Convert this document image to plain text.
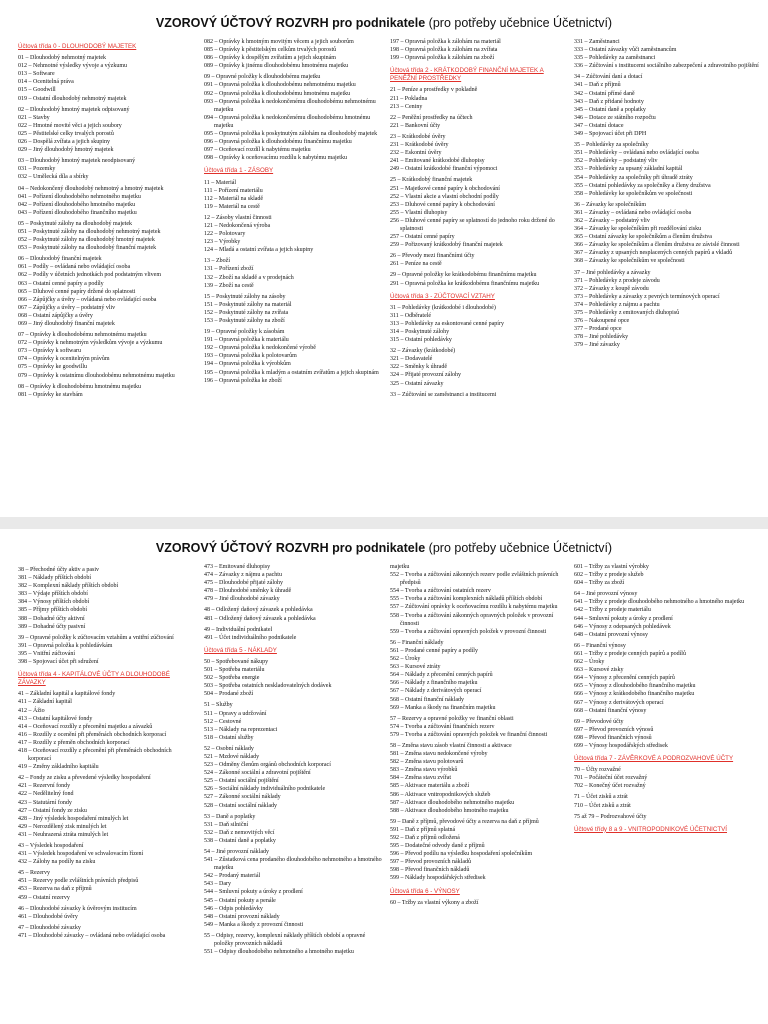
VZOROVÝ ÚČTOVÝ ROZVRH pro podnikatele (pro potřeby učebnice Účetnictví)
Účtová třída 0 - DLOUHODOBÝ MAJETEK
01 – Dlouhodobý nehmotný majetek
012 – Nehmotné výsledky vývoje a výzkumu
013 – Software
014 – Ocenitelná práva
015 – Goodwill
019 – Ostatní dlouhodobý nehmotný majetek
02 – Dlouhodobý hmotný majetek odpisovaný
021 – Stavby
022 – Hmotné movité věci a jejich soubory
025 – Pěstitelské celky trvalých porostů
026 – Dospělá zvířata a jejich skupiny
029 – Jiný dlouhodobý hmotný majetek
03 – Dlouhodobý hmotný majetek neodpisovaný
031 – Pozemky
032 – Umělecká díla a sbírky
04 – Nedokončený dlouhodobý nehmotný a hmotný majetek
041 – Pořízení dlouhodobého nehmotného majetku
042 – Pořízení dlouhodobého hmotného majetku
043 – Pořízení dlouhodobého finančního majetku
05 – Poskytnuté zálohy na dlouhodobý majetek
051 – Poskytnuté zálohy na dlouhodobý nehmotný majetek
052 – Poskytnuté zálohy na dlouhodobý hmotný majetek
053 – Poskytnuté zálohy na dlouhodobý finanční majetek
06 – Dlouhodobý finanční majetek
061 – Podíly – ovládaná nebo ovládající osoba
062 – Podíly v účetních jednotkách pod podstatným vlivem
063 – Ostatní cenné papíry a podíly
065 – Dluhové cenné papíry držené do splatnosti
066 – Zápůjčky a úvěry – ovládaná nebo ovládající osoba
067 – Zápůjčky a úvěry – podstatný vliv
068 – Ostatní zápůjčky a úvěry
069 – Jiný dlouhodobý finanční majetek
07 – Oprávky k dlouhodobému nehmotnému majetku
072 – Oprávky k nehmotným výsledkům vývoje a výzkumu
073 – Oprávky k softwaru
074 – Oprávky k ocenitelným právům
075 – Oprávky ke goodwillu
079 – Oprávky k ostatnímu dlouhodobému nehmotnému majetku
08 – Oprávky k dlouhodobému hmotnému majetku
081 – Oprávky ke stavbám
082 – Oprávky k hmotným movitým věcem a jejich souborům
085 – Oprávky k pěstitelským celkům trvalých porostů
086 – Oprávky k dospělým zvířatům a jejich skupinám
089 – Oprávky k jinému dlouhodobému hmotnému majetku
09 – Opravné položky k dlouhodobému majetku
091 – Opravná položka k dlouhodobému nehmotnému majetku
092 – Opravná položka k dlouhodobému hmotnému majetku
093 – Opravná položka k nedokončenému dlouhodobému nehmotnému majetku
094 – Opravná položka k nedokončenému dlouhodobému hmotnému majetku
095 – Opravná položka k poskytnutým zálohám na dlouhodobý majetek
096 – Opravná položka k dlouhodobému finančnímu majetku
097 – Oceňovací rozdíl k nabytému majetku
098 – Oprávky k oceňovacímu rozdílu k nabytému majetku
Účtová třída 1 - ZÁSOBY
11 – Materiál
111 – Pořízení materiálu
112 – Materiál na skladě
119 – Materiál na cestě
12 – Zásoby vlastní činnosti
121 – Nedokončená výroba
122 – Polotovary
123 – Výrobky
124 – Mladá a ostatní zvířata a jejich skupiny
13 – Zboží
131 – Pořízení zboží
132 – Zboží na skladě a v prodejnách
139 – Zboží na cestě
15 – Poskytnuté zálohy na zásoby
151 – Poskytnuté zálohy na materiál
152 – Poskytnuté zálohy na zvířata
153 – Poskytnuté zálohy na zboží
19 – Opravné položky k zásobám
191 – Opravná položka k materiálu
192 – Opravná položka k nedokončené výrobě
193 – Opravná položka k polotovarům
194 – Opravná položka k výrobkům
195 – Opravná položka k mladým a ostatním zvířatům a jejich skupinám
196 – Opravná položka ke zboží
197 – Opravná položka k zálohám na materiál
198 – Opravná položka k zálohám na zvířata
199 – Opravná položka k zálohám na zboží
Účtová třída 2 - KRÁTKODOBÝ FINANČNÍ MAJETEK A PENĚŽNÍ PROSTŘEDKY
21 – Peníze a prostředky v pokladně
211 – Pokladna
213 – Ceniny
22 – Peněžní prostředky na účtech
221 – Bankovní účty
23 – Krátkodobé úvěry
231 – Krátkodobé úvěry
232 – Eskontní úvěry
241 – Emitované krátkodobé dluhopisy
249 – Ostatní krátkodobé finanční výpomoci
25 – Krátkodobý finanční majetek
251 – Majetkové cenné papíry k obchodování
252 – Vlastní akcie a vlastní obchodní podíly
253 – Dluhové cenné papíry k obchodování
255 – Vlastní dluhopisy
256 – Dluhové cenné papíry se splatností do jednoho roku držené do splatnosti
257 – Ostatní cenné papíry
259 – Pořizovaný krátkodobý finanční majetek
26 – Převody mezi finančními účty
261 – Peníze na cestě
29 – Opravné položky ke krátkodobému finančnímu majetku
291 – Opravná položka ke krátkodobému finančnímu majetku
Účtová třída 3 - ZÚČTOVACÍ VZTAHY
31 – Pohledávky (krátkodobé i dlouhodobé)
311 – Odběratelé
313 – Pohledávky za eskontované cenné papíry
314 – Poskytnuté zálohy
315 – Ostatní pohledávky
32 – Závazky (krátkodobé)
321 – Dodavatelé
322 – Směnky k úhradě
324 – Přijaté provozní zálohy
325 – Ostatní závazky
33 – Zúčtování se zaměstnanci a institucemi
331 – Zaměstnanci
333 – Ostatní závazky vůči zaměstnancům
335 – Pohledávky za zaměstnanci
336 – Zúčtování s institucemi sociálního zabezpečení a zdravotního pojištění
34 – Zúčtování daní a dotací
341 – Daň z příjmů
342 – Ostatní přímé daně
343 – Daň z přidané hodnoty
345 – Ostatní daně a poplatky
346 – Dotace ze státního rozpočtu
347 – Ostatní dotace
349 – Spojovací účet při DPH
35 – Pohledávky za společníky
351 – Pohledávky – ovládaná nebo ovládající osoba
352 – Pohledávky – podstatný vliv
353 – Pohledávky za upsaný základní kapitál
354 – Pohledávky za společníky při úhradě ztráty
355 – Ostatní pohledávky za společníky a členy družstva
358 – Pohledávky ke společníkům ve společnosti
36 – Závazky ke společníkům
361 – Závazky – ovládaná nebo ovládající osoba
362 – Závazky – podstatný vliv
364 – Závazky ke společníkům při rozdělování zisku
365 – Ostatní závazky ke společníkům a členům družstva
366 – Závazky ke společníkům a členům družstva ze závislé činnosti
367 – Závazky z upsaných nesplacených cenných papírů a vkladů
368 – Závazky ke společníkům ve společnosti
37 – Jiné pohledávky a závazky
371 – Pohledávky z prodeje závodu
372 – Závazky z koupě závodu
373 – Pohledávky a závazky z pevných termínových operací
374 – Pohledávky z nájmu a pachtu
375 – Pohledávky z emitovaných dluhopisů
376 – Nakoupené opce
377 – Prodané opce
378 – Jiné pohledávky
379 – Jiné závazky
VZOROVÝ ÚČTOVÝ ROZVRH pro podnikatele (pro potřeby učebnice Účetnictví)
38 – Přechodné účty aktiv a pasiv
381 – Náklady příštích období
382 – Komplexní náklady příštích období
383 – Výdaje příštích období
384 – Výnosy příštích období
385 – Příjmy příštích období
388 – Dohadné účty aktivní
389 – Dohadné účty pasivní
39 – Opravné položky k zúčtovacím vztahům a vnitřní zúčtování
391 – Opravná položka k pohledávkám
395 – Vnitřní zúčtování
398 – Spojovací účet při sdružení
Účtová třída 4 - KAPITÁLOVÉ ÚČTY A DLOUHODOBÉ ZÁVAZKY
41 – Základní kapitál a kapitálové fondy
411 – Základní kapitál
412 – Ážio
413 – Ostatní kapitálové fondy
414 – Oceňovací rozdíly z přecenění majetku a závazků
416 – Rozdíly z ocenění při přeměnách obchodních korporací
417 – Rozdíly z přeměn obchodních korporací
418 – Oceňovací rozdíly z přecenění při přeměnách obchodních korporací
419 – Změny základního kapitálu
42 – Fondy ze zisku a převedené výsledky hospodaření
421 – Rezervní fondy
422 – Nedělitelný fond
423 – Statutární fondy
427 – Ostatní fondy ze zisku
428 – Jiný výsledek hospodaření minulých let
429 – Nerozdělený zisk minulých let
431 – Neuhrazená ztráta minulých let
43 – Výsledek hospodaření
431 – Výsledek hospodaření ve schvalovacím řízení
432 – Zálohy na podíly na zisku
45 – Rezervy
451 – Rezervy podle zvláštních právních předpisů
453 – Rezerva na daň z příjmů
459 – Ostatní rezervy
46 – Dlouhodobé závazky k úvěrovým institucím
461 – Dlouhodobé úvěry
47 – Dlouhodobé závazky
471 – Dlouhodobé závazky – ovládaná nebo ovládající osoba
473 – Emitované dluhopisy
474 – Závazky z nájmu a pachtu
475 – Dlouhodobé přijaté zálohy
478 – Dlouhodobé směnky k úhradě
479 – Jiné dlouhodobé závazky
48 – Odložený daňový závazek a pohledávka
481 – Odložený daňový závazek a pohledávka
49 – Individuální podnikatel
491 – Účet individuálního podnikatele
Účtová třída 5 - NÁKLADY
50 – Spotřebované nákupy
501 – Spotřeba materiálu
502 – Spotřeba energie
503 – Spotřeba ostatních neskladovatelných dodávek
504 – Prodané zboží
51 – Služby
511 – Opravy a udržování
512 – Cestovné
513 – Náklady na reprezentaci
518 – Ostatní služby
52 – Osobní náklady
521 – Mzdové náklady
523 – Odměny členům orgánů obchodních korporací
524 – Zákonné sociální a zdravotní pojištění
525 – Ostatní sociální pojištění
526 – Sociální náklady individuálního podnikatele
527 – Zákonné sociální náklady
528 – Ostatní sociální náklady
53 – Daně a poplatky
531 – Daň silniční
532 – Daň z nemovitých věcí
538 – Ostatní daně a poplatky
54 – Jiné provozní náklady
541 – Zůstatková cena prodaného dlouhodobého nehmotného a hmotného majetku
542 – Prodaný materiál
543 – Dary
544 – Smluvní pokuty a úroky z prodlení
545 – Ostatní pokuty a penále
546 – Odpis pohledávky
548 – Ostatní provozní náklady
549 – Manka a škody z provozní činnosti
55 – Odpisy, rezervy, komplexní náklady příštích období a opravné položky provozních nákladů
551 – Odpisy dlouhodobého nehmotného a hmotného majetku
majetku
552 – Tvorba a zúčtování zákonných rezerv podle zvláštních právních předpisů
554 – Tvorba a zúčtování ostatních rezerv
555 – Tvorba a zúčtování komplexních nákladů příštích období
557 – Zúčtování oprávky k oceňovacímu rozdílu k nabytému majetku
558 – Tvorba a zúčtování zákonných opravných položek v provozní činnosti
559 – Tvorba a zúčtování opravných položek v provozní činnosti
56 – Finanční náklady
561 – Prodané cenné papíry a podíly
562 – Úroky
563 – Kursové ztráty
564 – Náklady z přecenění cenných papírů
566 – Náklady z finančního majetku
567 – Náklady z derivátových operací
568 – Ostatní finanční náklady
569 – Manka a škody na finančním majetku
57 – Rezervy a opravné položky ve finanční oblasti
574 – Tvorba a zúčtování finančních rezerv
579 – Tvorba a zúčtování opravných položek ve finanční činnosti
58 – Změna stavu zásob vlastní činnosti a aktivace
581 – Změna stavu nedokončené výroby
582 – Změna stavu polotovarů
583 – Změna stavu výrobků
584 – Změna stavu zvířat
585 – Aktivace materiálu a zboží
586 – Aktivace vnitropodnikových služeb
587 – Aktivace dlouhodobého nehmotného majetku
588 – Aktivace dlouhodobého hmotného majetku
59 – Daně z příjmů, převodové účty a rezerva na daň z příjmů
591 – Daň z příjmů splatná
592 – Daň z příjmů odložená
595 – Dodatečné odvody daně z příjmů
596 – Převod podílu na výsledku hospodaření společníkům
597 – Převod provozních nákladů
598 – Převod finančních nákladů
599 – Náklady hospodářských středisek
Účtová třída 6 - VÝNOSY
60 – Tržby za vlastní výkony a zboží
601 – Tržby za vlastní výrobky
602 – Tržby z prodeje služeb
604 – Tržby za zboží
64 – Jiné provozní výnosy
641 – Tržby z prodeje dlouhodobého nehmotného a hmotného majetku
642 – Tržby z prodeje materiálu
644 – Smluvní pokuty a úroky z prodlení
646 – Výnosy z odepsaných pohledávek
648 – Ostatní provozní výnosy
66 – Finanční výnosy
661 – Tržby z prodeje cenných papírů a podílů
662 – Úroky
663 – Kursové zisky
664 – Výnosy z přecenění cenných papírů
665 – Výnosy z dlouhodobého finančního majetku
666 – Výnosy z krátkodobého finančního majetku
667 – Výnosy z derivátových operací
668 – Ostatní finanční výnosy
69 – Převodové účty
697 – Převod provozních výnosů
698 – Převod finančních výnosů
699 – Výnosy hospodářských středisek
Účtová třída 7 - ZÁVĚRKOVÉ A PODROZVAHOVÉ ÚČTY
70 – Účty rozvažné
701 – Počáteční účet rozvažný
702 – Konečný účet rozvažný
71 – Účet zisků a ztrát
710 – Účet zisků a ztrát
75 až 79 – Podrozvahové účty
Účtové třídy 8 a 9 - VNITROPODNIKOVÉ ÚČETNICTVÍ
